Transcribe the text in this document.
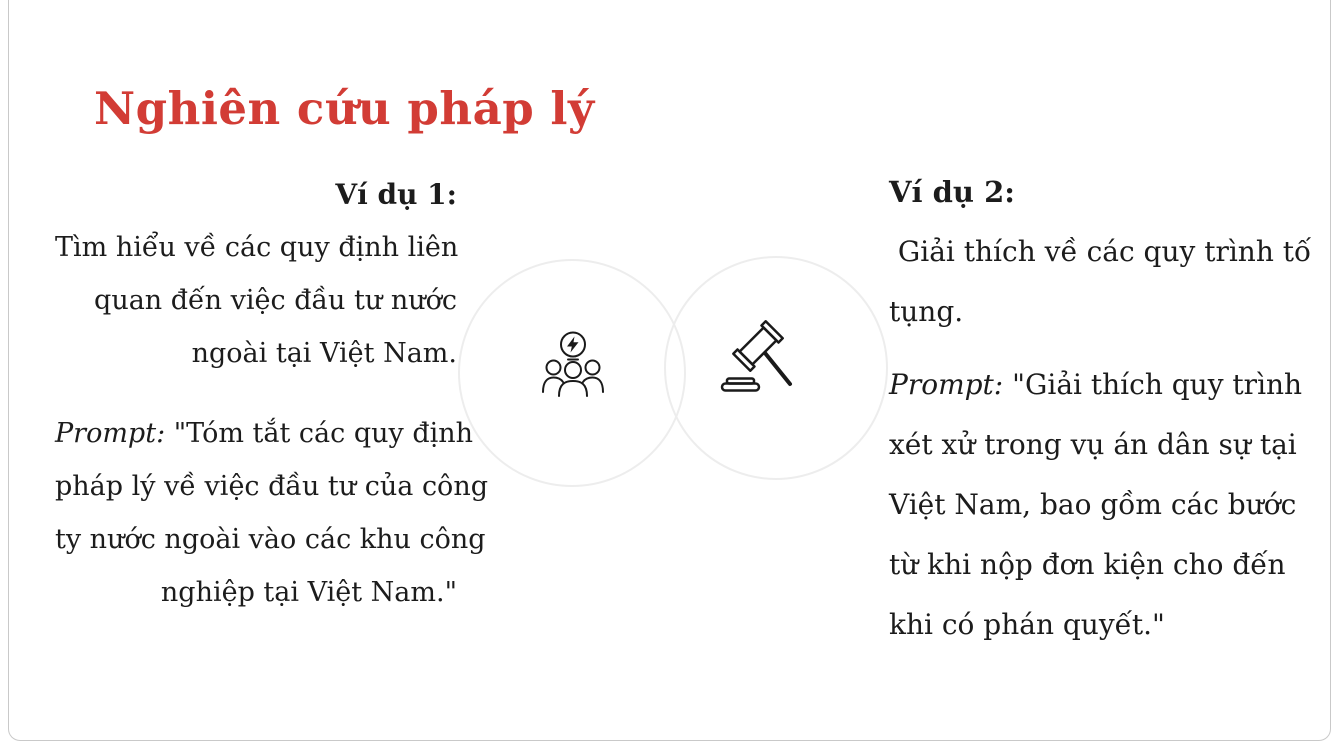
Nghiên cứu pháp lý

Ví dụ 1:

Tìm hiểu về các quy định liên
quan đến việc đầu tư nước
ngoài tại Việt Nam.

Prompt: "Tóm tắt các quy định
pháp lý về việc đầu tư của công
ty nước ngoài vào các khu công
nghiệp tại Việt Nam."

Ví dụ 2:

Giải thích về các quy trình tố
tụng.

Prompt: "Giải thích quy trình
xét xử trong vụ án dân sự tại
Việt Nam, bao gồm các bước
từ khi nộp đơn kiện cho đến
khi có phán quyết."
